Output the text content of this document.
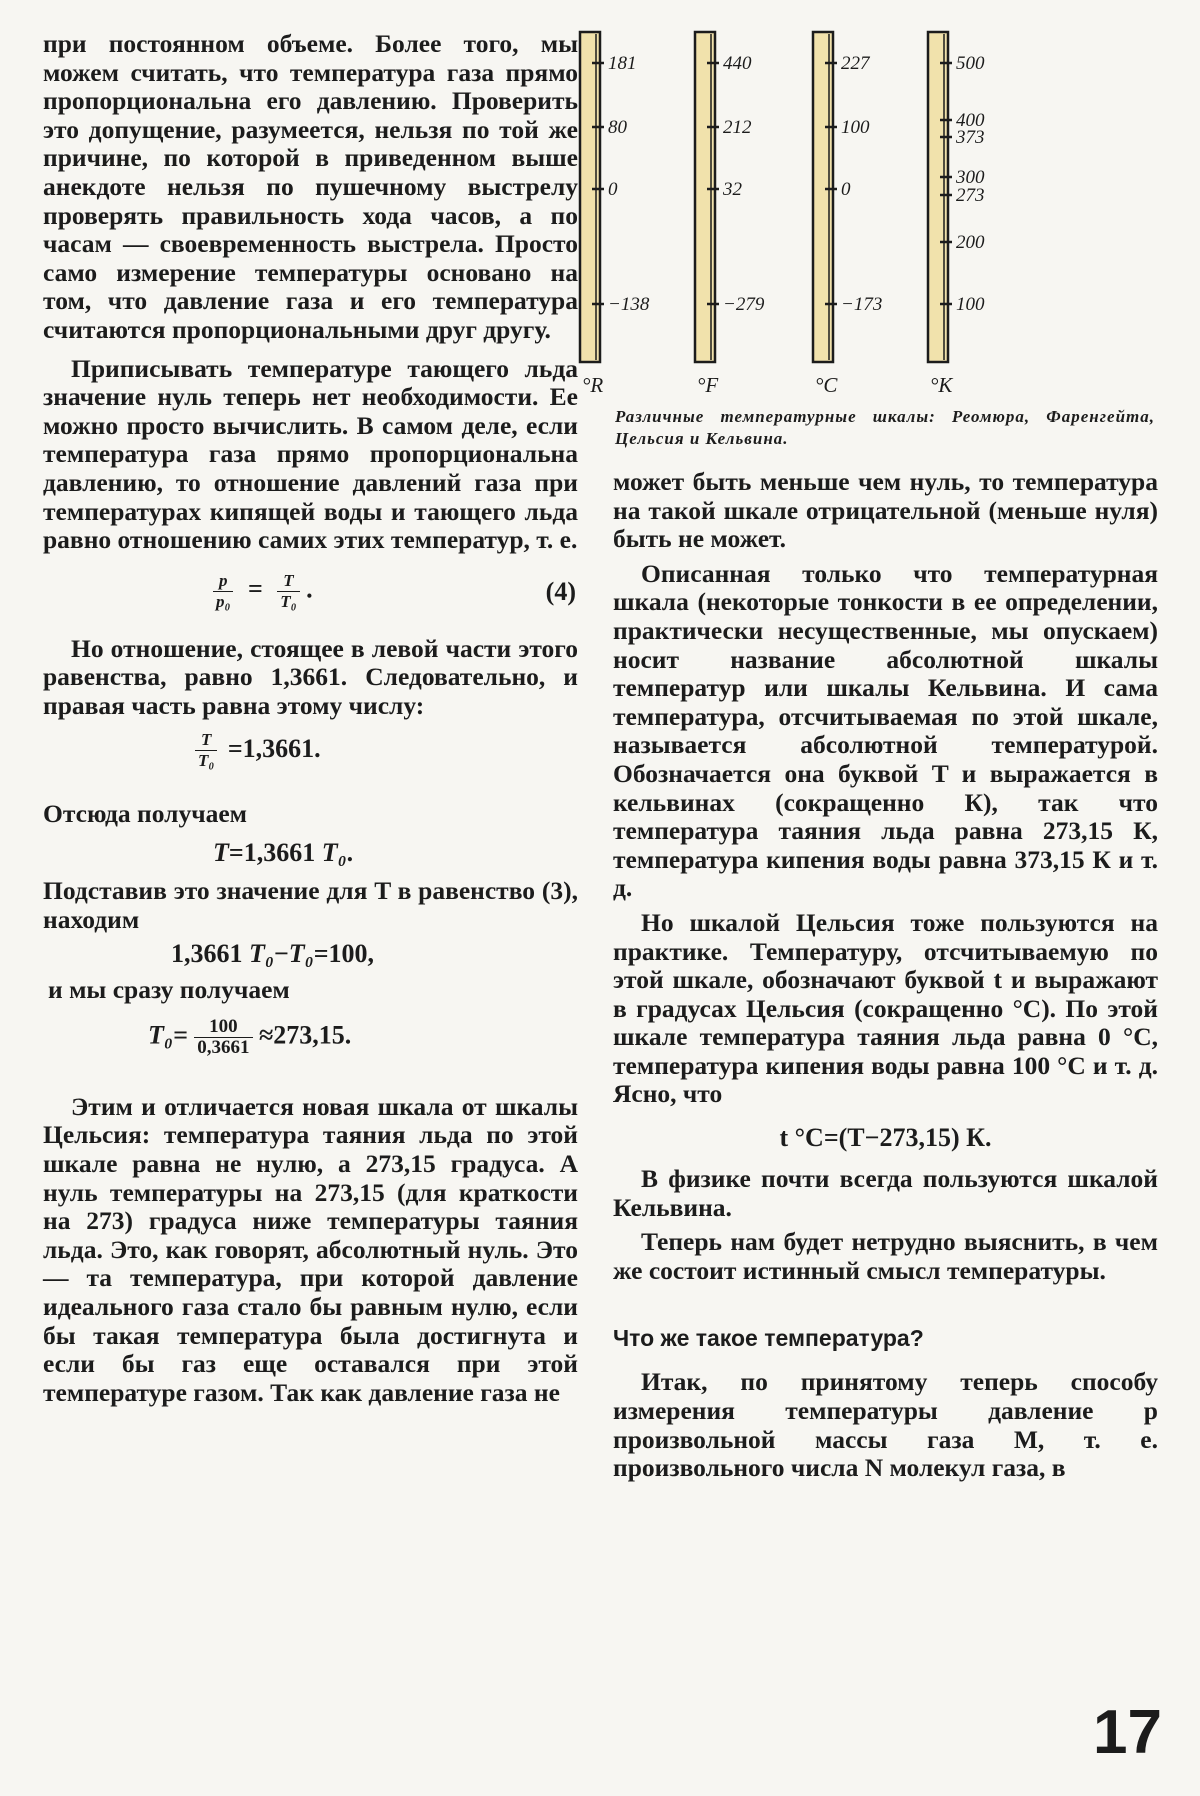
при постоянном объеме. Более того, мы можем считать, что температура газа прямо пропорциональна его давлению. Проверить это допущение, разумеется, нельзя по той же причине, по которой в приведенном выше анекдоте нельзя по пушечному выстрелу проверять правильность хода часов, а по часам — своевременность выстрела. Просто само измерение температуры основано на том, что давление газа и его температура считаются пропорциональными друг другу.

Приписывать температуре тающего льда значение нуль теперь нет необходимости. Ее можно просто вычислить. В самом деле, если температура газа прямо пропорциональна давлению, то отношение давлений газа при температурах кипящей воды и тающего льда равно отношению самих этих температур, т. е.

$\frac{p}{\text{p₀}} = \frac{T}{\text{T₀}}$ .	(4)

Но отношение, стоящее в левой части этого равенства, равно 1,3661. Следовательно, и правая часть равна этому числу:

$\frac{T}{\text{T₀}} =1,3661$.

Отсюда получаем

T=1,3661 T₀.

Подставив это значение для T в равенство (3), находим

1,3661 T₀−T₀=100,

и мы сразу получаем

$T_0= \frac{100}{0,3661} \approx 273,15$.

Этим и отличается новая шкала от шкалы Цельсия: температура таяния льда по этой шкале равна не нулю, а 273,15 градуса. А нуль температуры на 273,15 (для краткости на 273) градуса ниже температуры таяния льда. Это, как говорят, абсолютный нуль. Это — та температура, при которой давление идеального газа стало бы равным нулю, если бы такая температура была достигнута и если бы газ еще оставался при этой температуре газом. Так как давление газа не

181
80
0
−138
°R
440
212
32
−279
°F
227
100
0
−173
°C
500
400
373
300
273
200
100
°K

Различные температурные шкалы: Реомюра, Фаренгейта, Цельсия и Кельвина.

может быть меньше чем нуль, то температура на такой шкале отрицательной (меньше нуля) быть не может.

Описанная только что температурная шкала (некоторые тонкости в ее определении, практически несущественные, мы опускаем) носит название абсолютной шкалы температур или шкалы Кельвина. И сама температура, отсчитываемая по этой шкале, называется абсолютной температурой. Обозначается она буквой T и выражается в кельвинах (сокращенно К), так что температура таяния льда равна 273,15 К, температура кипения воды равна 373,15 К и т. д.

Но шкалой Цельсия тоже пользуются на практике. Температуру, отсчитываемую по этой шкале, обозначают буквой t и выражают в градусах Цельсия (сокращенно °С). По этой шкале температура таяния льда равна 0 °С, температура кипения воды равна 100 °С и т. д. Ясно, что

t °C=(T−273,15) К.

В физике почти всегда пользуются шкалой Кельвина.

Теперь нам будет нетрудно выяснить, в чем же состоит истинный смысл температуры.

Что же такое температура?

Итак, по принятому теперь способу измерения температуры давление p произвольной массы газа M, т. е. произвольного числа N молекул газа, в

17
